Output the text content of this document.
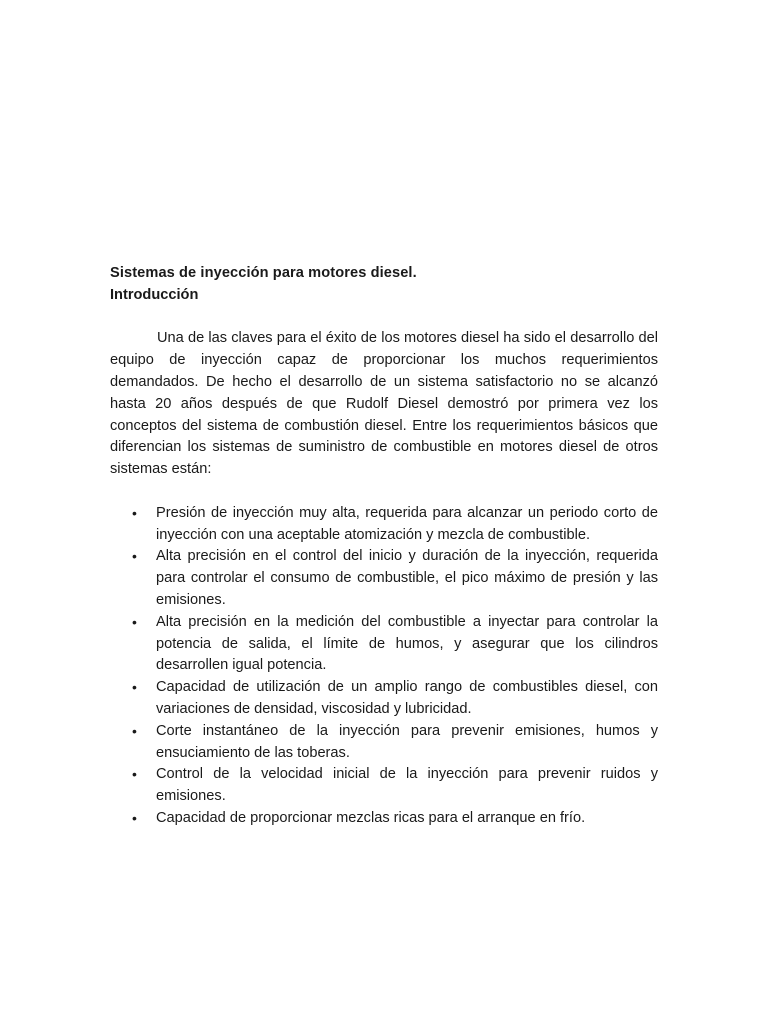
Sistemas de inyección para motores diesel.

Introducción

Una de las claves para el éxito de los motores diesel ha sido el desarrollo del equipo de inyección capaz de proporcionar los muchos requerimientos demandados. De hecho el desarrollo de un sistema satisfactorio no se alcanzó hasta 20 años después de que Rudolf Diesel demostró por primera vez los conceptos del sistema de combustión diesel. Entre los requerimientos básicos que diferencian los sistemas de suministro de combustible en motores diesel de otros sistemas están:

• Presión de inyección muy alta, requerida para alcanzar un periodo corto de inyección con una aceptable atomización y mezcla de combustible.
• Alta precisión en el control del inicio y duración de la inyección, requerida para controlar el consumo de combustible, el pico máximo de presión y las emisiones.
• Alta precisión en la medición del combustible a inyectar para controlar la potencia de salida, el límite de humos, y asegurar que los cilindros desarrollen igual potencia.
• Capacidad de utilización de un amplio rango de combustibles diesel, con variaciones de densidad, viscosidad y lubricidad.
• Corte instantáneo de la inyección para prevenir emisiones, humos y ensuciamiento de las toberas.
• Control de la velocidad inicial de la inyección para prevenir ruidos y emisiones.
• Capacidad de proporcionar mezclas ricas para el arranque en frío.
